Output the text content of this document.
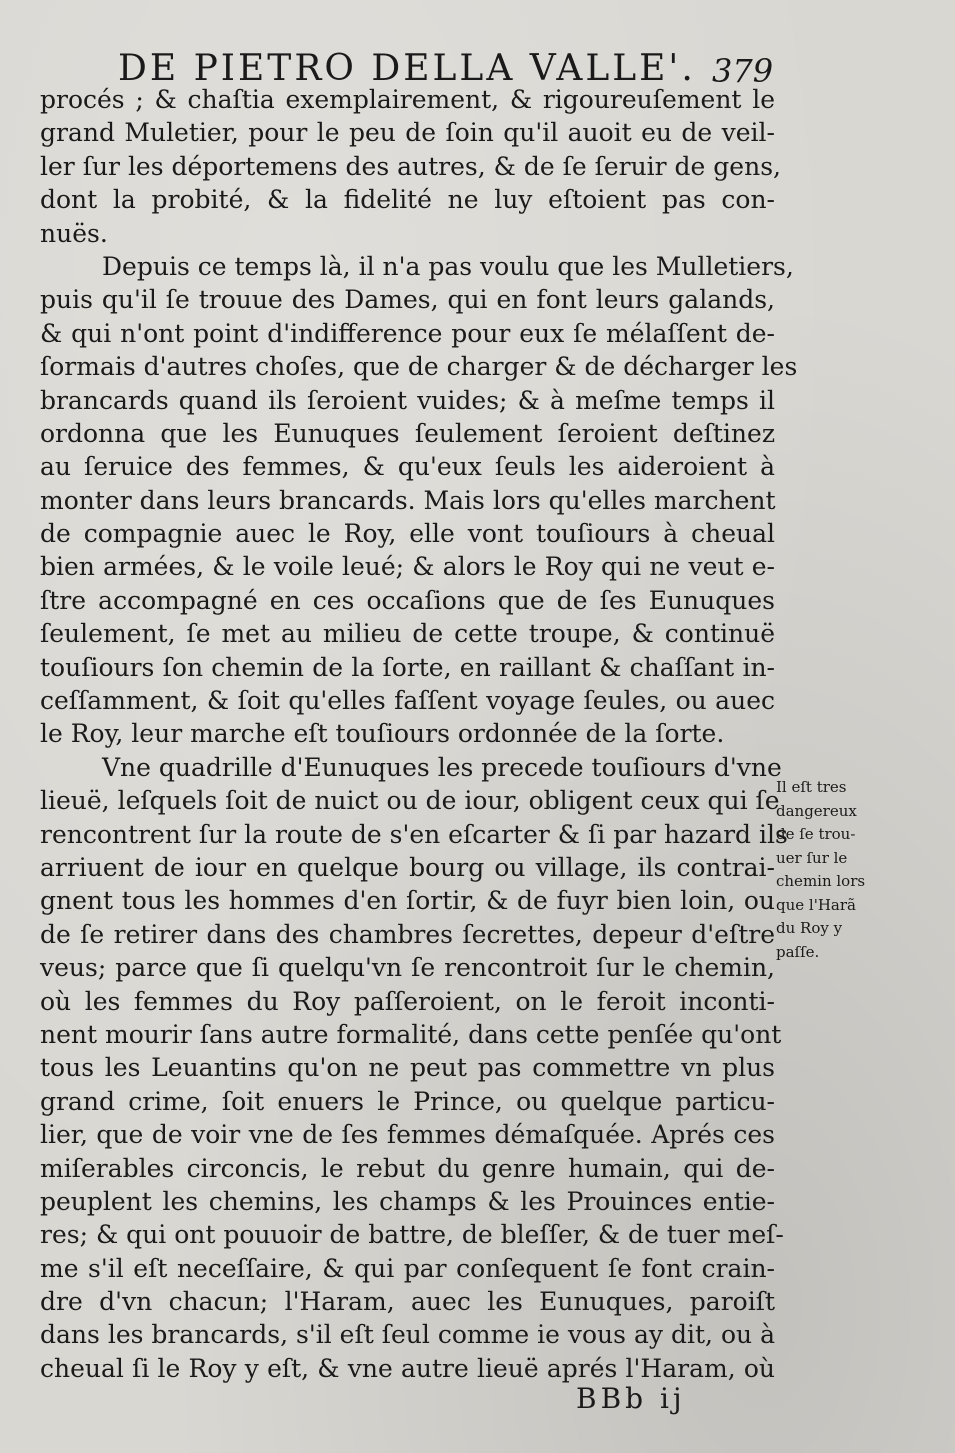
DE PIETRO DELLA VALLE'. 379
procés ; & chaſtia exemplairement, & rigoureuſement le
grand Muletier, pour le peu de ſoin qu'il auoit eu de veil-
ler ſur les déportemens des autres, & de ſe ſeruir de gens,
dont la probité, & la fidelité ne luy eſtoient pas con-
nuës.
Depuis ce temps là, il n'a pas voulu que les Mulletiers,
puis qu'il ſe trouue des Dames, qui en font leurs galands,
& qui n'ont point d'indifference pour eux ſe mélaſſent de-
ſormais d'autres choſes, que de charger & de décharger les
brancards quand ils ſeroient vuides; & à meſme temps il
ordonna que les Eunuques ſeulement ſeroient deſtinez
au ſeruice des femmes, & qu'eux ſeuls les aideroient à
monter dans leurs brancards. Mais lors qu'elles marchent
de compagnie auec le Roy, elle vont touſiours à cheual
bien armées, & le voile leué; & alors le Roy qui ne veut e-
ſtre accompagné en ces occaſions que de ſes Eunuques
ſeulement, ſe met au milieu de cette troupe, & continuë
touſiours ſon chemin de la ſorte, en raillant & chaſſant in-
ceſſamment, & ſoit qu'elles faſſent voyage ſeules, ou auec
le Roy, leur marche eſt touſiours ordonnée de la ſorte.
Vne quadrille d'Eunuques les precede touſiours d'vne
lieuë, leſquels ſoit de nuict ou de iour, obligent ceux qui ſe
rencontrent ſur la route de s'en eſcarter & ſi par hazard ils
arriuent de iour en quelque bourg ou village, ils contrai-
gnent tous les hommes d'en ſortir, & de fuyr bien loin, ou
de ſe retirer dans des chambres ſecrettes, depeur d'eſtre
veus; parce que ſi quelqu'vn ſe rencontroit ſur le chemin,
où les femmes du Roy paſſeroient, on le feroit inconti-
nent mourir ſans autre formalité, dans cette penſée qu'ont
tous les Leuantins qu'on ne peut pas commettre vn plus
grand crime, ſoit enuers le Prince, ou quelque particu-
lier, que de voir vne de ſes femmes démaſquée. Aprés ces
miſerables circoncis, le rebut du genre humain, qui de-
peuplent les chemins, les champs & les Prouinces entie-
res; & qui ont pouuoir de battre, de bleſſer, & de tuer meſ-
me s'il eſt neceſſaire, & qui par conſequent ſe font crain-
dre d'vn chacun; l'Haram, auec les Eunuques, paroiſt
dans les brancards, s'il eſt ſeul comme ie vous ay dit, ou à
cheual ſi le Roy y eſt, & vne autre lieuë aprés l'Haram, où
Il eſt tres
dangereux
de ſe trou-
uer ſur le
chemin lors
que l'Harã
du Roy y
paſſe.
BBb ij
